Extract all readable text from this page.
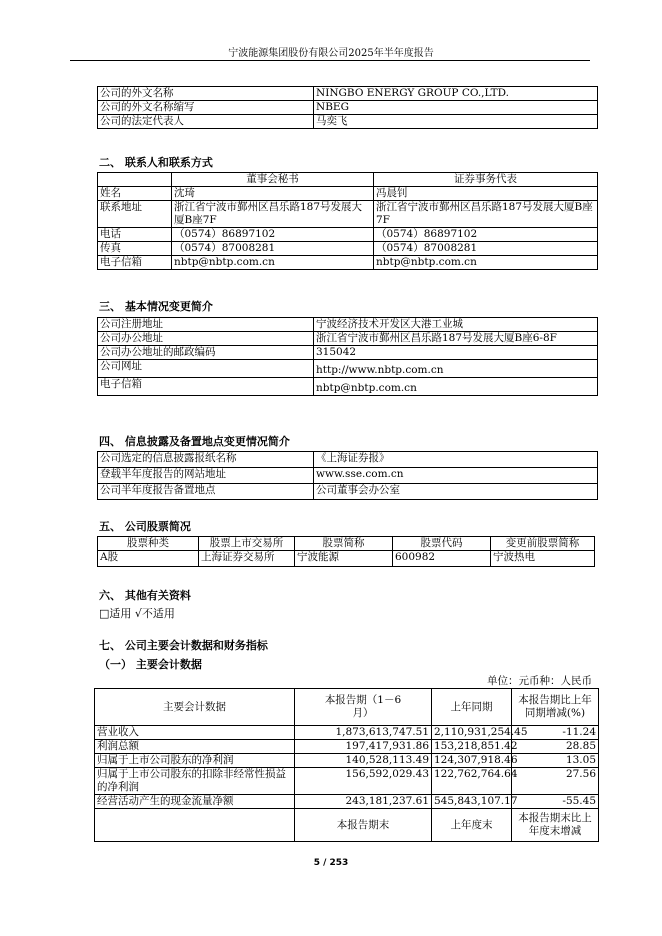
宁波能源集团股份有限公司2025年半年度报告
公司的外文名称	NINGBO ENERGY GROUP CO.,LTD.
公司的外文名称缩写	NBEG
公司的法定代表人	马奕飞
二、 联系人和联系方式
	董事会秘书	证券事务代表
姓名	沈琦	冯晨钊
联系地址	浙江省宁波市鄞州区昌乐路187号发展大厦B座7F	浙江省宁波市鄞州区昌乐路187号发展大厦B座7F
电话	（0574）86897102	（0574）86897102
传真	（0574）87008281	（0574）87008281
电子信箱	nbtp@nbtp.com.cn	nbtp@nbtp.com.cn
三、 基本情况变更简介
公司注册地址	宁波经济技术开发区大港工业城
公司办公地址	浙江省宁波市鄞州区昌乐路187号发展大厦B座6-8F
公司办公地址的邮政编码	315042
公司网址	http://www.nbtp.com.cn
电子信箱	nbtp@nbtp.com.cn
四、 信息披露及备置地点变更情况简介
公司选定的信息披露报纸名称	《上海证券报》
登载半年度报告的网站地址	www.sse.com.cn
公司半年度报告备置地点	公司董事会办公室
五、 公司股票简况
股票种类	股票上市交易所	股票简称	股票代码	变更前股票简称
A股	上海证券交易所	宁波能源	600982	宁波热电
六、 其他有关资料
□适用 √不适用
七、 公司主要会计数据和财务指标
（一） 主要会计数据
单位：元币种：人民币
主要会计数据	本报告期（1－6月）	上年同期	本报告期比上年同期增减(%)
营业收入	1,873,613,747.51	2,110,931,254.45	-11.24
利润总额	197,417,931.86	153,218,851.42	28.85
归属于上市公司股东的净利润	140,528,113.49	124,307,918.46	13.05
归属于上市公司股东的扣除非经常性损益的净利润	156,592,029.43	122,762,764.64	27.56
经营活动产生的现金流量净额	243,181,237.61	545,843,107.17	-55.45
	本报告期末	上年度末	本报告期末比上年度末增减
5 / 253
